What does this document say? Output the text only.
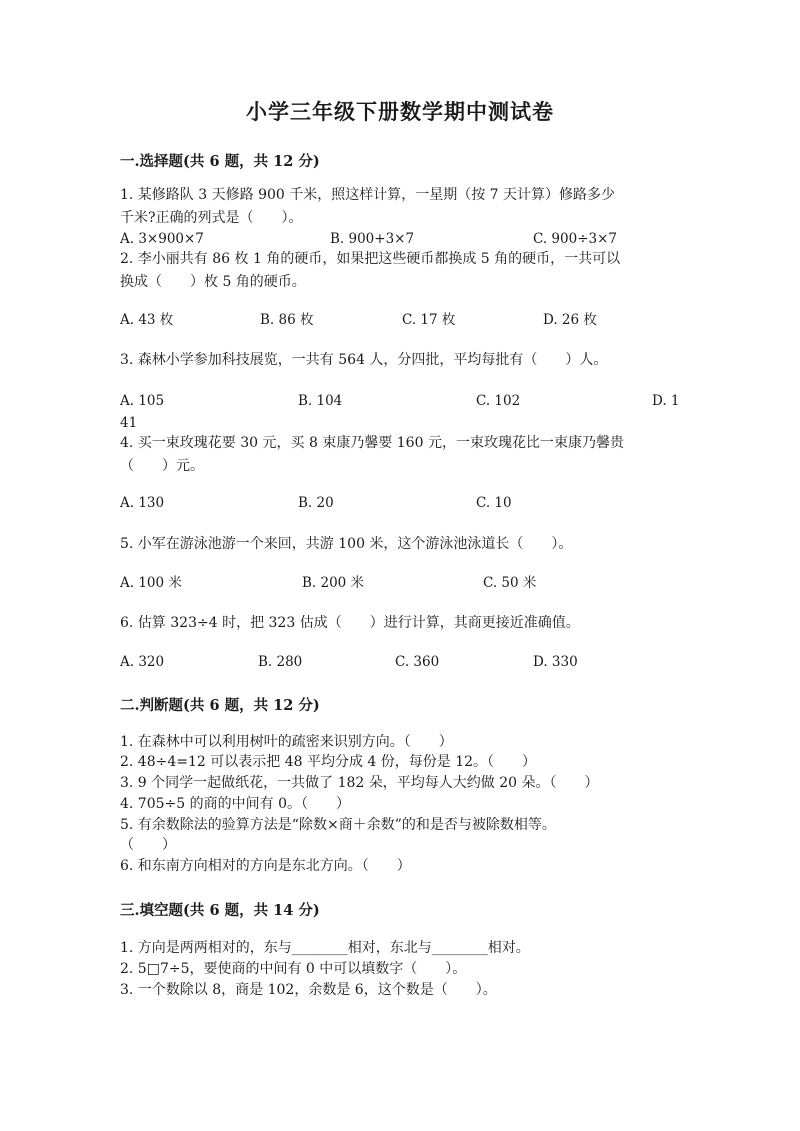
小学三年级下册数学期中测试卷
一.选择题(共 6 题，共 12 分)
1. 某修路队 3 天修路 900 千米，照这样计算，一星期（按 7 天计算）修路多少
千米?正确的列式是（　　）。
A. 3×900×7	B. 900+3×7	C. 900÷3×7
2. 李小丽共有 86 枚 1 角的硬币，如果把这些硬币都换成 5 角的硬币，一共可以
换成（　　）枚 5 角的硬币。
A. 43 枚	B. 86 枚	C. 17 枚	D. 26 枚
3. 森林小学参加科技展览，一共有 564 人，分四批，平均每批有（　　）人。
A. 105	B. 104	C. 102	D. 1
41
4. 买一束玫瑰花要 30 元，买 8 束康乃馨要 160 元，一束玫瑰花比一束康乃馨贵
（　　）元。
A. 130	B. 20	C. 10
5. 小军在游泳池游一个来回，共游 100 米，这个游泳池泳道长（　　）。
A. 100 米	B. 200 米	C. 50 米
6. 估算 323÷4 时，把 323 估成（　　）进行计算，其商更接近准确值。
A. 320	B. 280	C. 360	D. 330
二.判断题(共 6 题，共 12 分)
1. 在森林中可以利用树叶的疏密来识别方向。（　　）
2. 48÷4=12 可以表示把 48 平均分成 4 份，每份是 12。（　　）
3. 9 个同学一起做纸花，一共做了 182 朵，平均每人大约做 20 朵。（　　）
4. 705÷5 的商的中间有 0。（　　）
5. 有余数除法的验算方法是“除数×商＋余数”的和是否与被除数相等。
（　　）
6. 和东南方向相对的方向是东北方向。（　　）
三.填空题(共 6 题，共 14 分)
1. 方向是两两相对的，东与________相对，东北与________相对。
2. 5□7÷5，要使商的中间有 0 中可以填数字（　　）。
3. 一个数除以 8，商是 102，余数是 6，这个数是（　　）。
